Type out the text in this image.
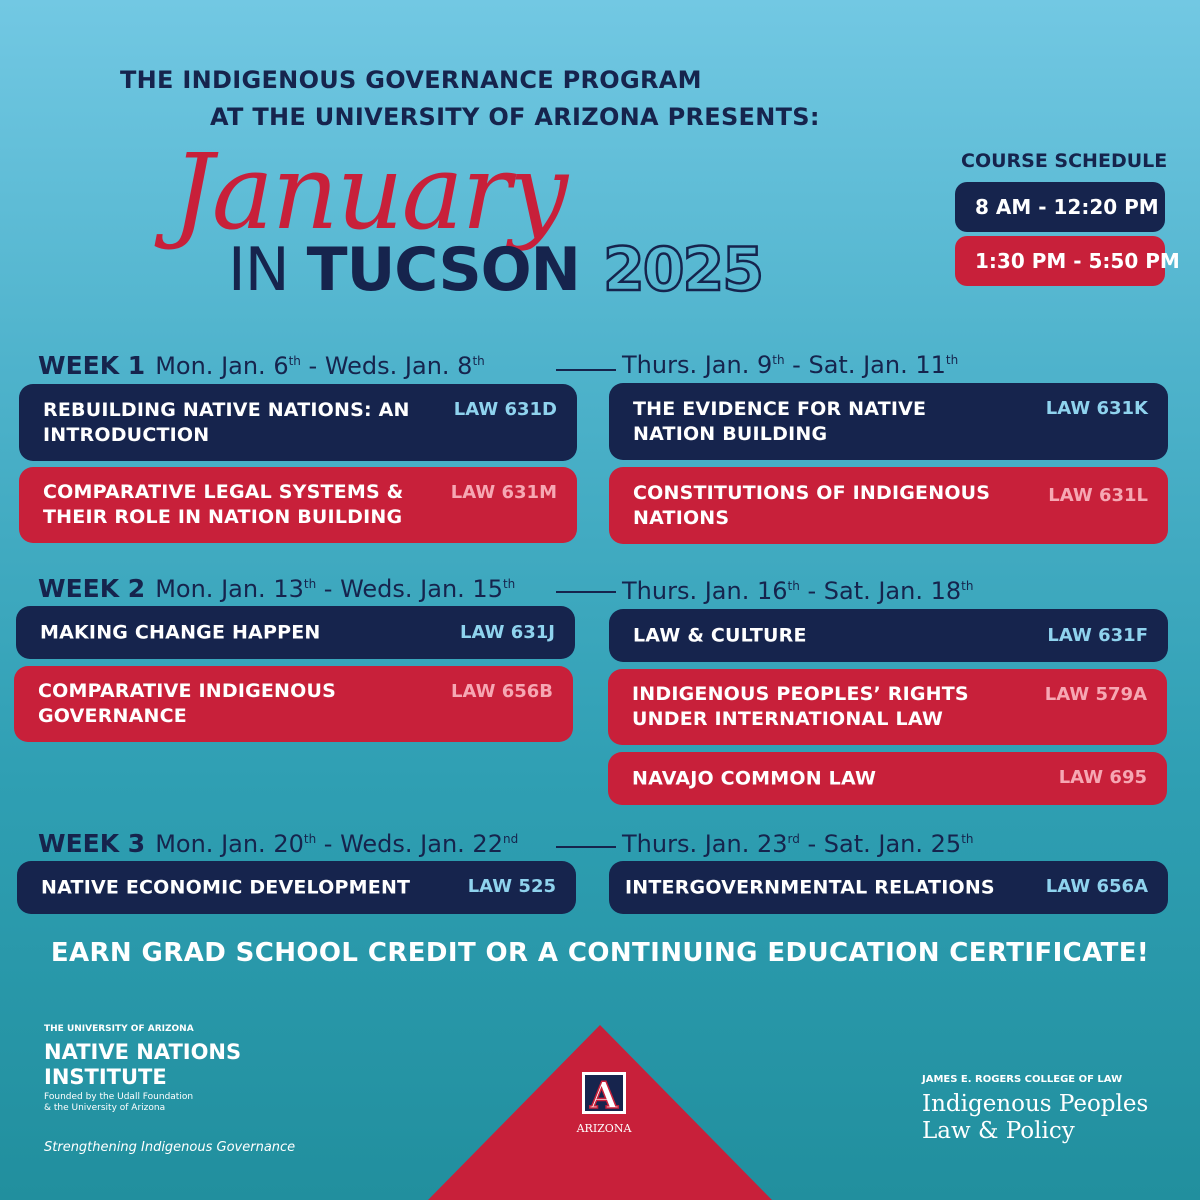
THE INDIGENOUS GOVERNANCE PROGRAM
AT THE UNIVERSITY OF ARIZONA PRESENTS:
January
IN TUCSON 2025
COURSE SCHEDULE
8 AM - 12:20 PM
1:30 PM - 5:50 PM
WEEK 1 Mon. Jan. 6th - Weds. Jan. 8th	Thurs. Jan. 9th - Sat. Jan. 11th
REBUILDING NATIVE NATIONS: AN INTRODUCTION
LAW 631D
COMPARATIVE LEGAL SYSTEMS & THEIR ROLE IN NATION BUILDING
LAW 631M
THE EVIDENCE FOR NATIVE NATION BUILDING
LAW 631K
CONSTITUTIONS OF INDIGENOUS NATIONS
LAW 631L
WEEK 2 Mon. Jan. 13th - Weds. Jan. 15th	Thurs. Jan. 16th - Sat. Jan. 18th
MAKING CHANGE HAPPEN	LAW 631J
COMPARATIVE INDIGENOUS GOVERNANCE
LAW 656B
LAW & CULTURE	LAW 631F
INDIGENOUS PEOPLES’ RIGHTS UNDER INTERNATIONAL LAW
LAW 579A
NAVAJO COMMON LAW	LAW 695
WEEK 3 Mon. Jan. 20th - Weds. Jan. 22nd	Thurs. Jan. 23rd - Sat. Jan. 25th
NATIVE ECONOMIC DEVELOPMENT	LAW 525	INTERGOVERNMENTAL RELATIONS	LAW 656A
EARN GRAD SCHOOL CREDIT OR A CONTINUING EDUCATION CERTIFICATE!
THE UNIVERSITY OF ARIZONA
NATIVE NATIONS
INSTITUTE
Founded by the Udall Foundation
& the University of Arizona
Strengthening Indigenous Governance
A
ARIZONA
JAMES E. ROGERS COLLEGE OF LAW
Indigenous Peoples
Law & Policy
